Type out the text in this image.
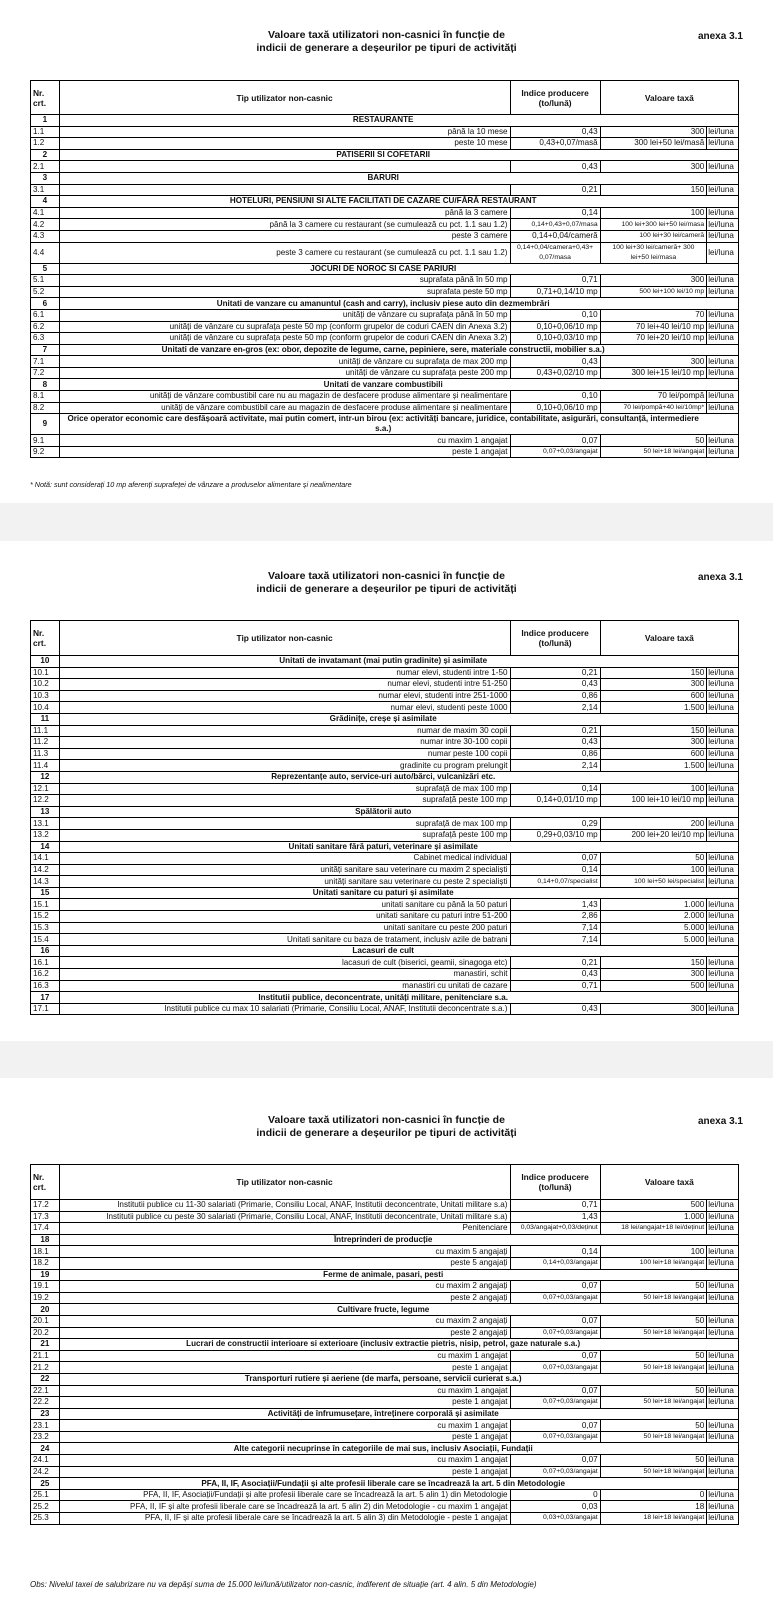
Valoare taxă utilizatori non-casnici în funcție de
indicii de generare a deșeurilor pe tipuri de activități
anexa 3.1
Nr. crt.	Tip utilizator non-casnic	Indice producere (to/lună)	Valoare taxă	
1	RESTAURANTE			
1.1	până la 10 mese	0,43	300	lei/luna
1.2	peste 10 mese	0,43+0,07/masă	300 lei+50 lei/masă	lei/luna
2	PATISERII SI COFETARII			
2.1		0,43	300	lei/luna
3	BARURI			
3.1		0,21	150	lei/luna
4	HOTELURI, PENSIUNI SI ALTE FACILITATI DE CAZARE CU/FĂRĂ RESTAURANT			
4.1	până la 3 camere	0,14	100	lei/luna
4.2	până la 3 camere cu restaurant (se cumulează cu pct. 1.1 sau 1.2)	0,14+0,43+0,07/masa	100 lei+300 lei+50 lei/masa	lei/luna
4.3	peste 3 camere	0,14+0,04/cameră	100 lei+30 lei/cameră	lei/luna
4.4	peste 3 camere cu restaurant (se cumulează cu pct. 1.1 sau 1.2)	0,14+0,04/camera+0,43+ 0,07/masa	100 lei+30 lei/cameră+ 300 lei+50 lei/masa	lei/luna
5	JOCURI DE NOROC SI CASE PARIURI			
5.1	suprafata până în 50 mp	0,71	300	lei/luna
5.2	suprafata peste 50 mp	0,71+0,14/10 mp	500 lei+100 lei/10 mp	lei/luna
6	Unitati de vanzare cu amanuntul (cash and carry), inclusiv piese auto din dezmembrări			
6.1	unități de vânzare cu suprafața până în 50 mp	0,10	70	lei/luna
6.2	unități de vânzare cu suprafața peste 50 mp (conform grupelor de coduri CAEN din Anexa 3.2)	0,10+0,06/10 mp	70 lei+40 lei/10 mp	lei/luna
6.3	unități de vânzare cu suprafața peste 50 mp (conform grupelor de coduri CAEN din Anexa 3.2)	0,10+0,03/10 mp	70 lei+20 lei/10 mp	lei/luna
7	Unitati de vanzare en-gros (ex: obor, depozite de legume, carne, pepiniere, sere, materiale constructii, mobilier s.a.)			
7.1	unități de vânzare cu suprafața de max 200 mp	0,43	300	lei/luna
7.2	unități de vânzare cu suprafața peste 200 mp	0,43+0,02/10 mp	300 lei+15 lei/10 mp	lei/luna
8	Unitati de vanzare combustibili			
8.1	unități de vânzare combustibil care nu au magazin de desfacere produse alimentare și nealimentare	0,10	70 lei/pompă	lei/luna
8.2	unități de vânzare combustibil care au magazin de desfacere produse alimentare și nealimentare	0,10+0,06/10 mp	70 lei/pompă+40 lei/10mp*	lei/luna
9	Orice operator economic care desfășoară activitate, mai putin comert, intr-un birou (ex: activități bancare, juridice, contabilitate, asigurări, consultanță, intermediere s.a.)			
9.1	cu maxim 1 angajat	0,07	50	lei/luna
9.2	peste 1 angajat	0,07+0,03/angajat	50 lei+18 lei/angajat	lei/luna
* Notă: sunt considerați 10 mp aferenți suprafeței de vânzare a produselor alimentare și nealimentare
Valoare taxă utilizatori non-casnici în funcție de
indicii de generare a deșeurilor pe tipuri de activități
anexa 3.1
Nr. crt.	Tip utilizator non-casnic	Indice producere (to/lună)	Valoare taxă	
10	Unitati de invatamant (mai putin gradinite) și asimilate			
10.1	numar elevi, studenti intre 1-50	0,21	150	lei/luna
10.2	numar elevi, studenti intre 51-250	0,43	300	lei/luna
10.3	numar elevi, studenti intre 251-1000	0,86	600	lei/luna
10.4	numar elevi, studenti peste 1000	2,14	1.500	lei/luna
11	Grădinițe, creșe și asimilate			
11.1	numar de maxim 30 copii	0,21	150	lei/luna
11.2	numar intre 30-100 copii	0,43	300	lei/luna
11.3	numar peste 100 copii	0,86	600	lei/luna
11.4	gradinite cu program prelungit	2,14	1.500	lei/luna
12	Reprezentanțe auto, service-uri auto/bărci, vulcanizări etc.			
12.1	suprafață de max 100 mp	0,14	100	lei/luna
12.2	suprafață peste 100 mp	0,14+0,01/10 mp	100 lei+10 lei/10 mp	lei/luna
13	Spălătorii auto			
13.1	suprafață de max 100 mp	0,29	200	lei/luna
13.2	suprafață peste 100 mp	0,29+0,03/10 mp	200 lei+20 lei/10 mp	lei/luna
14	Unitati sanitare fără paturi, veterinare și asimilate			
14.1	Cabinet medical individual	0,07	50	lei/luna
14.2	unități sanitare sau veterinare cu maxim 2 specialiști	0,14	100	lei/luna
14.3	unități sanitare sau veterinare cu peste 2 specialiști	0,14+0,07/specialist	100 lei+50 lei/specialist	lei/luna
15	Unitati sanitare cu paturi și asimilate			
15.1	unitati sanitare cu până la 50 paturi	1,43	1.000	lei/luna
15.2	unitati sanitare cu paturi intre 51-200	2,86	2.000	lei/luna
15.3	unitati sanitare cu peste 200 paturi	7,14	5.000	lei/luna
15.4	Unitati sanitare cu baza de tratament, inclusiv azile de batrani	7,14	5.000	lei/luna
16	Lacasuri de cult			
16.1	lacasuri de cult (biserici, geamii, sinagoga etc)	0,21	150	lei/luna
16.2	manastiri, schit	0,43	300	lei/luna
16.3	manastiri cu unitati de cazare	0,71	500	lei/luna
17	Institutii publice, deconcentrate, unități militare, penitenciare s.a.			
17.1	Institutii publice cu max 10 salariati (Primarie, Consiliu Local, ANAF, Institutii deconcentrate s.a.)	0,43	300	lei/luna
Valoare taxă utilizatori non-casnici în funcție de
indicii de generare a deșeurilor pe tipuri de activități
anexa 3.1
Nr. crt.	Tip utilizator non-casnic	Indice producere (to/lună)	Valoare taxă	
17.2	Institutii publice cu 11-30 salariati (Primarie, Consiliu Local, ANAF, Institutii deconcentrate, Unitati militare s.a)	0,71	500	lei/luna
17.3	Institutii publice cu peste 30 salariati (Primarie, Consiliu Local, ANAF, Institutii deconcentrate, Unitati militare s.a)	1,43	1.000	lei/luna
17.4	Penitenciare	0,03/angajat+0,03/deținut	18 lei/angajat+18 lei/deținut	lei/luna
18	Întreprinderi de producție			
18.1	cu maxim 5 angajați	0,14	100	lei/luna
18.2	peste 5 angajați	0,14+0,03/angajat	100 lei+18 lei/angajat	lei/luna
19	Ferme de animale, pasari, pesti			
19.1	cu maxim 2 angajați	0,07	50	lei/luna
19.2	peste 2 angajați	0,07+0,03/angajat	50 lei+18 lei/angajat	lei/luna
20	Cultivare fructe, legume			
20.1	cu maxim 2 angajați	0,07	50	lei/luna
20.2	peste 2 angajați	0,07+0,03/angajat	50 lei+18 lei/angajat	lei/luna
21	Lucrari de constructii interioare si exterioare (inclusiv extractie pietris, nisip, petrol, gaze naturale s.a.)			
21.1	cu maxim 1 angajat	0,07	50	lei/luna
21.2	peste 1 angajat	0,07+0,03/angajat	50 lei+18 lei/angajat	lei/luna
22	Transporturi rutiere și aeriene (de marfa, persoane, servicii curierat s.a.)			
22.1	cu maxim 1 angajat	0,07	50	lei/luna
22.2	peste 1 angajat	0,07+0,03/angajat	50 lei+18 lei/angajat	lei/luna
23	Activități de înfrumusețare, întreținere corporală și asimilate			
23.1	cu maxim 1 angajat	0,07	50	lei/luna
23.2	peste 1 angajat	0,07+0,03/angajat	50 lei+18 lei/angajat	lei/luna
24	Alte categorii necuprinse în categoriile de mai sus, inclusiv Asociații, Fundații			
24.1	cu maxim 1 angajat	0,07	50	lei/luna
24.2	peste 1 angajat	0,07+0,03/angajat	50 lei+18 lei/angajat	lei/luna
25	PFA, II, IF, Asociații/Fundații și alte profesii liberale care se încadrează la art. 5 din Metodologie			
25.1	PFA, II, IF, Asociații/Fundații și alte profesii liberale care se încadrează la art. 5 alin 1) din Metodologie	0	0	lei/luna
25.2	PFA, II, IF și alte profesii liberale care se încadrează la art. 5 alin 2) din Metodologie - cu maxim 1 angajat	0,03	18	lei/luna
25.3	PFA, II, IF și alte profesii liberale care se încadrează la art. 5 alin 3) din Metodologie - peste 1 angajat	0,03+0,03/angajat	18 lei+18 lei/angajat	lei/luna
Obs: Nivelul taxei de salubrizare nu va depăși suma de 15.000 lei/lună/utilizator non-casnic, indiferent de situație (art. 4 alin. 5 din Metodologie)
